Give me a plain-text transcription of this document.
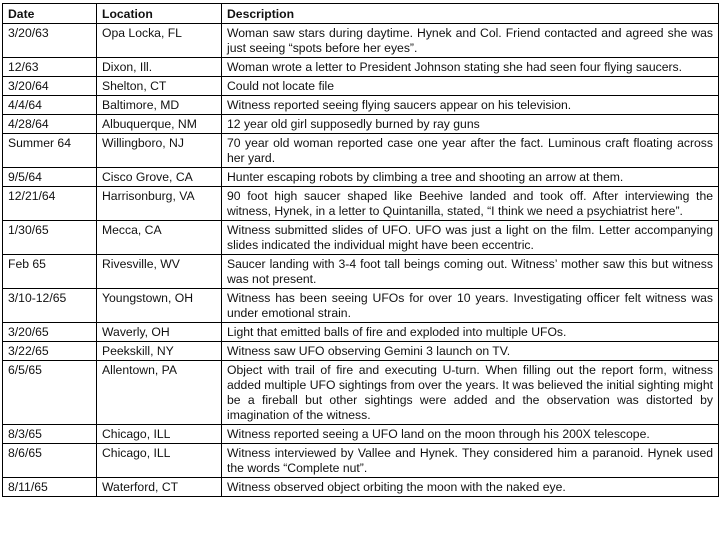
Date	Location	Description
3/20/63	Opa Locka, FL	Woman saw stars during daytime. Hynek and Col. Friend contacted and agreed she was just seeing “spots before her eyes”.
12/63	Dixon, Ill.	Woman wrote a letter to President Johnson stating she had seen four flying saucers.
3/20/64	Shelton, CT	Could not locate file
4/4/64	Baltimore, MD	Witness reported seeing flying saucers appear on his television.
4/28/64	Albuquerque, NM	12 year old girl supposedly burned by ray guns
Summer 64	Willingboro, NJ	70 year old woman reported case one year after the fact. Luminous craft floating across her yard.
9/5/64	Cisco Grove, CA	Hunter escaping robots by climbing a tree and shooting an arrow at them.
12/21/64	Harrisonburg, VA	90 foot high saucer shaped like Beehive landed and took off. After interviewing the witness, Hynek, in a letter to Quintanilla, stated, “I think we need a psychiatrist here”.
1/30/65	Mecca, CA	Witness submitted slides of UFO. UFO was just a light on the film. Letter accompanying slides indicated the individual might have been eccentric.
Feb 65	Rivesville, WV	Saucer landing with 3-4 foot tall beings coming out. Witness’ mother saw this but witness was not present.
3/10-12/65	Youngstown, OH	Witness has been seeing UFOs for over 10 years. Investigating officer felt witness was under emotional strain.
3/20/65	Waverly, OH	Light that emitted balls of fire and exploded into multiple UFOs.
3/22/65	Peekskill, NY	Witness saw UFO observing Gemini 3 launch on TV.
6/5/65	Allentown, PA	Object with trail of fire and executing U-turn. When filling out the report form, witness added multiple UFO sightings from over the years. It was believed the initial sighting might be a fireball but other sightings were added and the observation was distorted by imagination of the witness.
8/3/65	Chicago, ILL	Witness reported seeing a UFO land on the moon through his 200X telescope.
8/6/65	Chicago, ILL	Witness interviewed by Vallee and Hynek. They considered him a paranoid. Hynek used the words “Complete nut”.
8/11/65	Waterford, CT	Witness observed object orbiting the moon with the naked eye.
